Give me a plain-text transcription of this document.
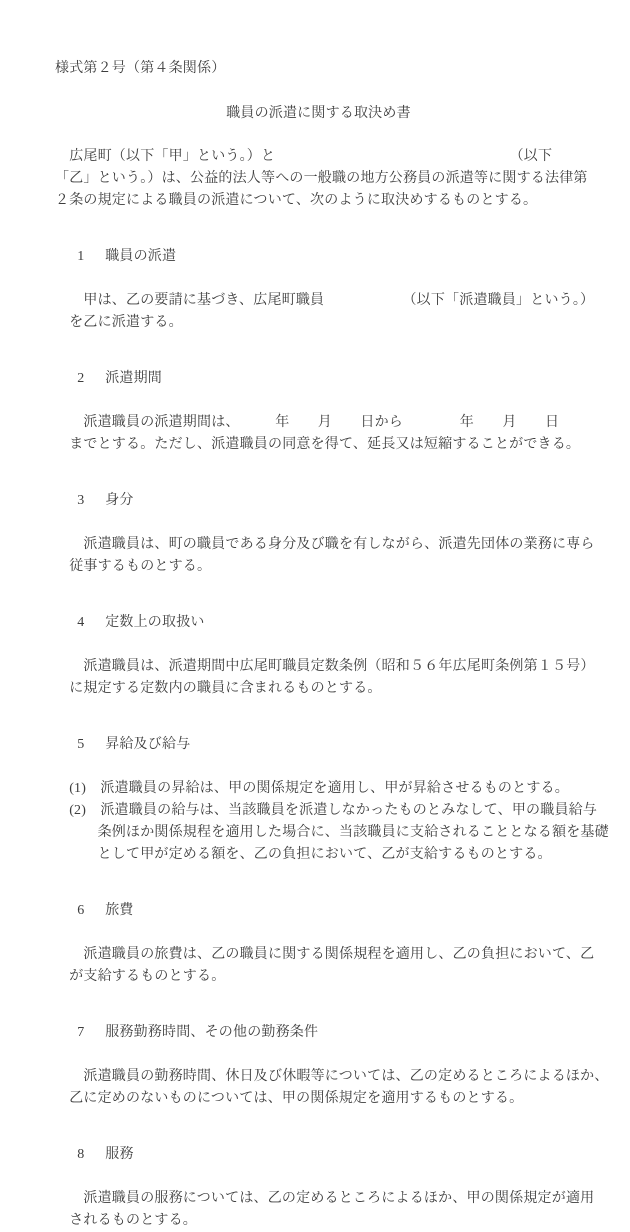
様式第２号（第４条関係）
職員の派遣に関する取決め書
　広尾町（以下「甲」という。）と　　　　　　　　　　　　　　　　　（以下
「乙」という。）は、公益的法人等への一般職の地方公務員の派遣等に関する法律第
２条の規定による職員の派遣について、次のように取決めするものとする。

1 職員の派遣

　　甲は、乙の要請に基づき、広尾町職員　　　　　　（以下「派遣職員」という。）
　を乙に派遣する。

2 派遣期間

　　派遣職員の派遣期間は、　　　年　　月　　日から　　　　年　　月　　日
　までとする。ただし、派遣職員の同意を得て、延長又は短縮することができる。

3 身分

　　派遣職員は、町の職員である身分及び職を有しながら、派遣先団体の業務に専ら
　従事するものとする。

4 定数上の取扱い

　　派遣職員は、派遣期間中広尾町職員定数条例（昭和５６年広尾町条例第１５号）
　に規定する定数内の職員に含まれるものとする。

5 昇給及び給与

　(1)　派遣職員の昇給は、甲の関係規定を適用し、甲が昇給させるものとする。
　(2)　派遣職員の給与は、当該職員を派遣しなかったものとみなして、甲の職員給与
　　　条例ほか関係規程を適用した場合に、当該職員に支給されることとなる額を基礎
　　　として甲が定める額を、乙の負担において、乙が支給するものとする。

6 旅費

　　派遣職員の旅費は、乙の職員に関する関係規程を適用し、乙の負担において、乙
　が支給するものとする。

7 服務勤務時間、その他の勤務条件

　　派遣職員の勤務時間、休日及び休暇等については、乙の定めるところによるほか、
　乙に定めのないものについては、甲の関係規定を適用するものとする。

8 服務

　　派遣職員の服務については、乙の定めるところによるほか、甲の関係規定が適用
　されるものとする。
